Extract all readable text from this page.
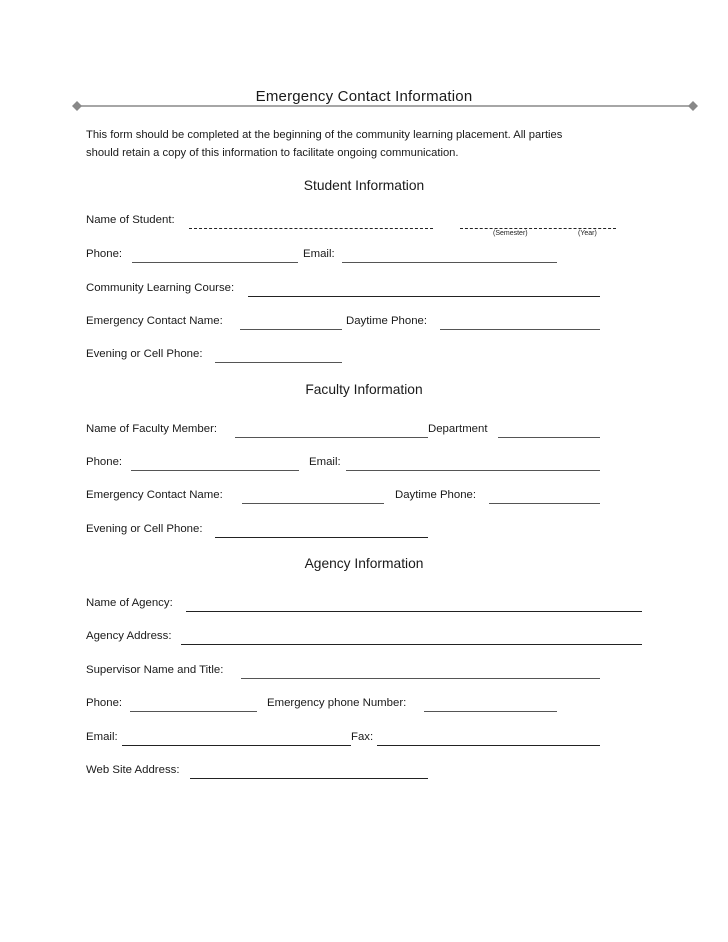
Emergency Contact Information

This form should be completed at the beginning of the community learning placement. All parties

should retain a copy of this information to facilitate ongoing communication.

Student Information
Name of Student:
(Semester)	(Year)
Phone:	Email:
Community Learning Course:
Emergency Contact Name:	Daytime Phone:
Evening or Cell Phone:
Faculty Information
Name of Faculty Member:	Department
Phone:	Email:
Emergency Contact Name:	Daytime Phone:
Evening or Cell Phone:
Agency Information
Name of Agency:
Agency Address:
Supervisor Name and Title:
Phone:	Emergency phone Number:
Email:	Fax:
Web Site Address:
